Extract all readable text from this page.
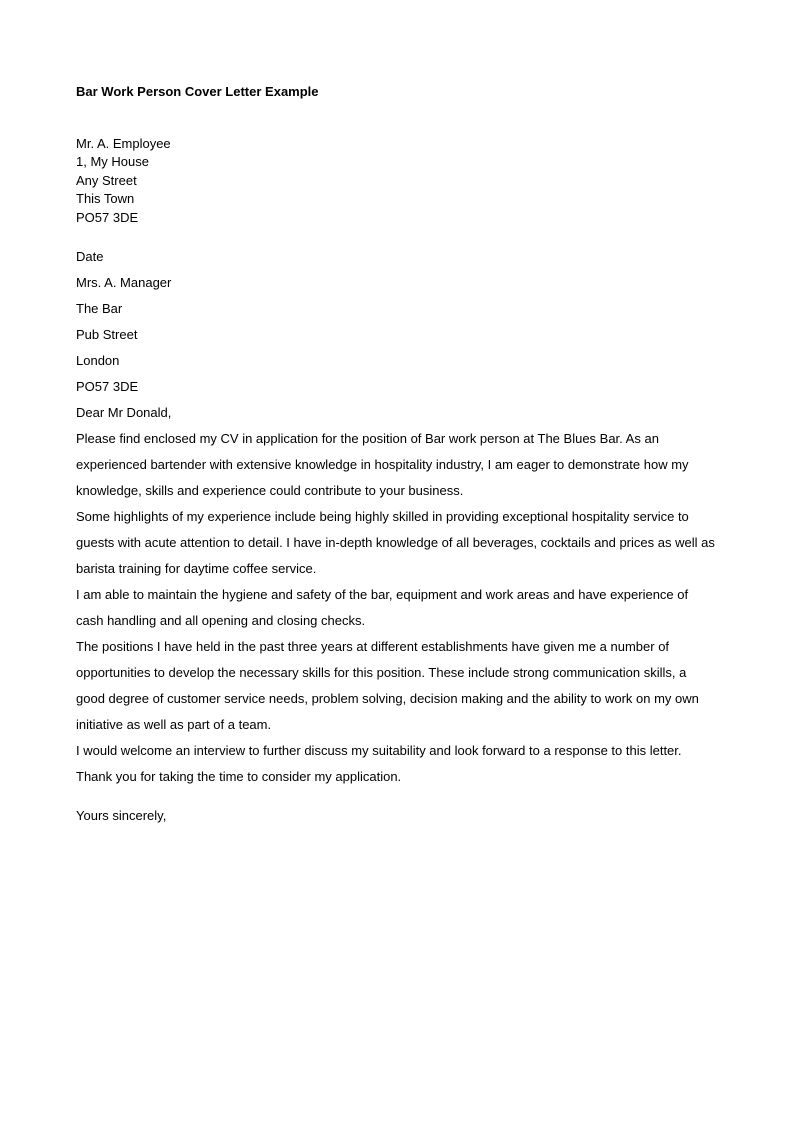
Bar Work Person Cover Letter Example
Mr. A. Employee
1, My House
Any Street
This Town
PO57 3DE
Date
Mrs. A. Manager
The Bar
Pub Street
London
PO57 3DE

Dear Mr Donald,

Please find enclosed my CV in application for the position of Bar work person at The Blues Bar. As an experienced bartender with extensive knowledge in hospitality industry, I am eager to demonstrate how my knowledge, skills and experience could contribute to your business.

Some highlights of my experience include being highly skilled in providing exceptional hospitality service to guests with acute attention to detail. I have in-depth knowledge of all beverages, cocktails and prices as well as barista training for daytime coffee service.

I am able to maintain the hygiene and safety of the bar, equipment and work areas and have experience of cash handling and all opening and closing checks.

The positions I have held in the past three years at different establishments have given me a number of opportunities to develop the necessary skills for this position. These include strong communication skills, a good degree of customer service needs, problem solving, decision making and the ability to work on my own initiative as well as part of a team.

I would welcome an interview to further discuss my suitability and look forward to a response to this letter.

Thank you for taking the time to consider my application.

Yours sincerely,
